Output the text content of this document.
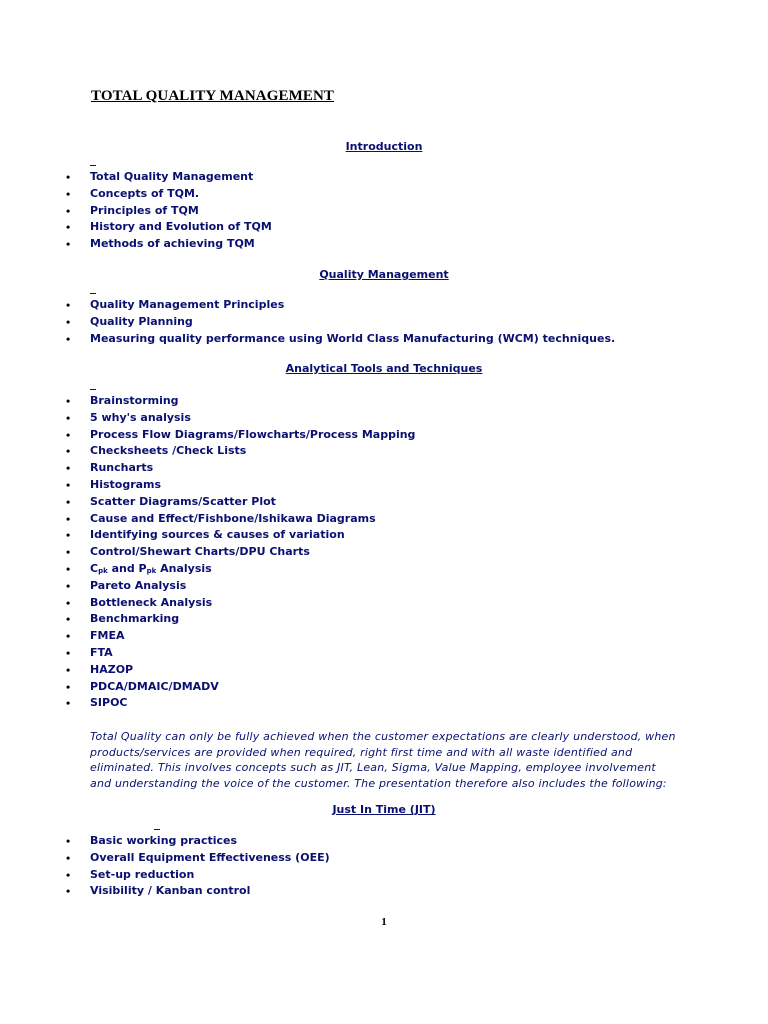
TOTAL QUALITY MANAGEMENT
Introduction
•	Total Quality Management
•	Concepts of TQM.
•	Principles of TQM
•	History and Evolution of TQM
•	Methods of achieving TQM
Quality Management
•	Quality Management Principles
•	Quality Planning
•	Measuring quality performance using World Class Manufacturing (WCM) techniques.
Analytical Tools and Techniques
•	Brainstorming
•	5 why's analysis
•	Process Flow Diagrams/Flowcharts/Process Mapping
•	Checksheets /Check Lists
•	Runcharts
•	Histograms
•	Scatter Diagrams/Scatter Plot
•	Cause and Effect/Fishbone/Ishikawa Diagrams
•	Identifying sources & causes of variation
•	Control/Shewart Charts/DPU Charts
•	$C_{pk}$ and $P_{pk}$ Analysis
•	Pareto Analysis
•	Bottleneck Analysis
•	Benchmarking
•	FMEA
•	FTA
•	HAZOP
•	PDCA/DMAIC/DMADV
•	SIPOC
Total Quality can only be fully achieved when the customer expectations are clearly understood, when
products/services are provided when required, right first time and with all waste identified and
eliminated. This involves concepts such as JIT, Lean, Sigma, Value Mapping, employee involvement
and understanding the voice of the customer. The presentation therefore also includes the following:
Just In Time (JIT)
•	Basic working practices
•	Overall Equipment Effectiveness (OEE)
•	Set-up reduction
•	Visibility / Kanban control
1
